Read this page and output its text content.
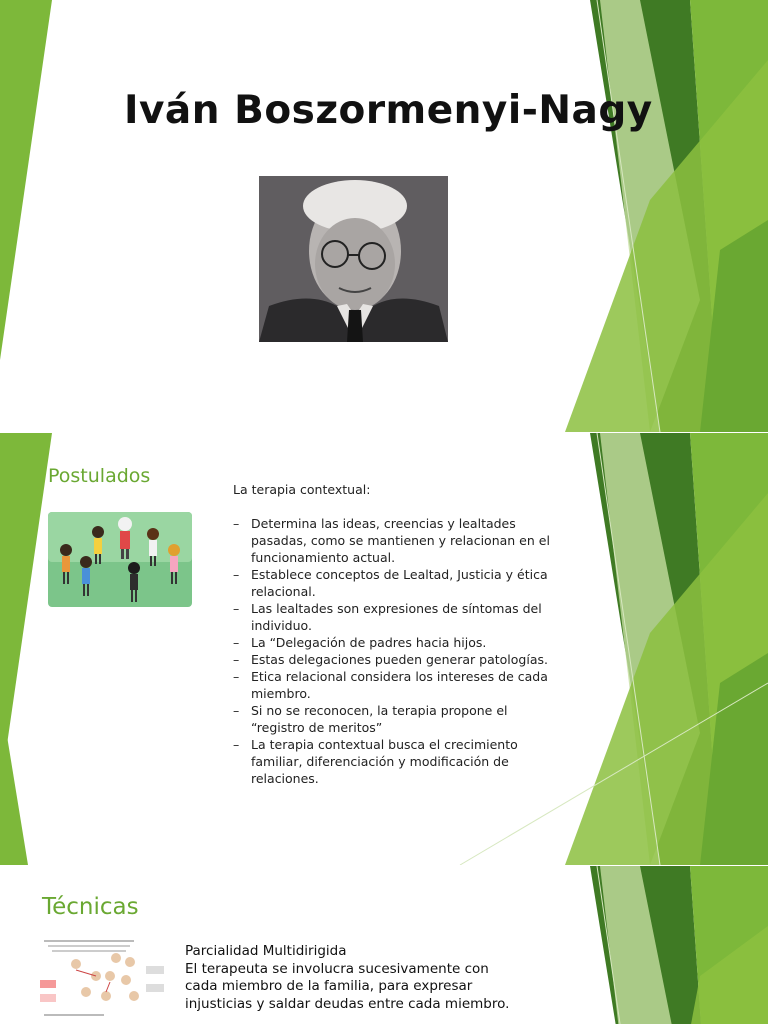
Iván Boszormenyi-Nagy
Postulados

La terapia contextual:

– Determina las ideas, creencias y lealtades pasadas, como se mantienen y relacionan en el funcionamiento actual.
– Establece conceptos de Lealtad, Justicia y ética relacional.
– Las lealtades son expresiones de síntomas del individuo.
– La “Delegación de padres hacia hijos.
– Estas delegaciones pueden generar patologías.
– Etica relacional considera los intereses de cada miembro.
– Si no se reconocen, la terapia propone el “registro de meritos”
– La terapia contextual busca el crecimiento familiar, diferenciación y modificación de relaciones.
Técnicas
Parcialidad Multidirigida
El terapeuta se involucra sucesivamente con cada miembro de la familia, para expresar injusticias y saldar deudas entre cada miembro.
